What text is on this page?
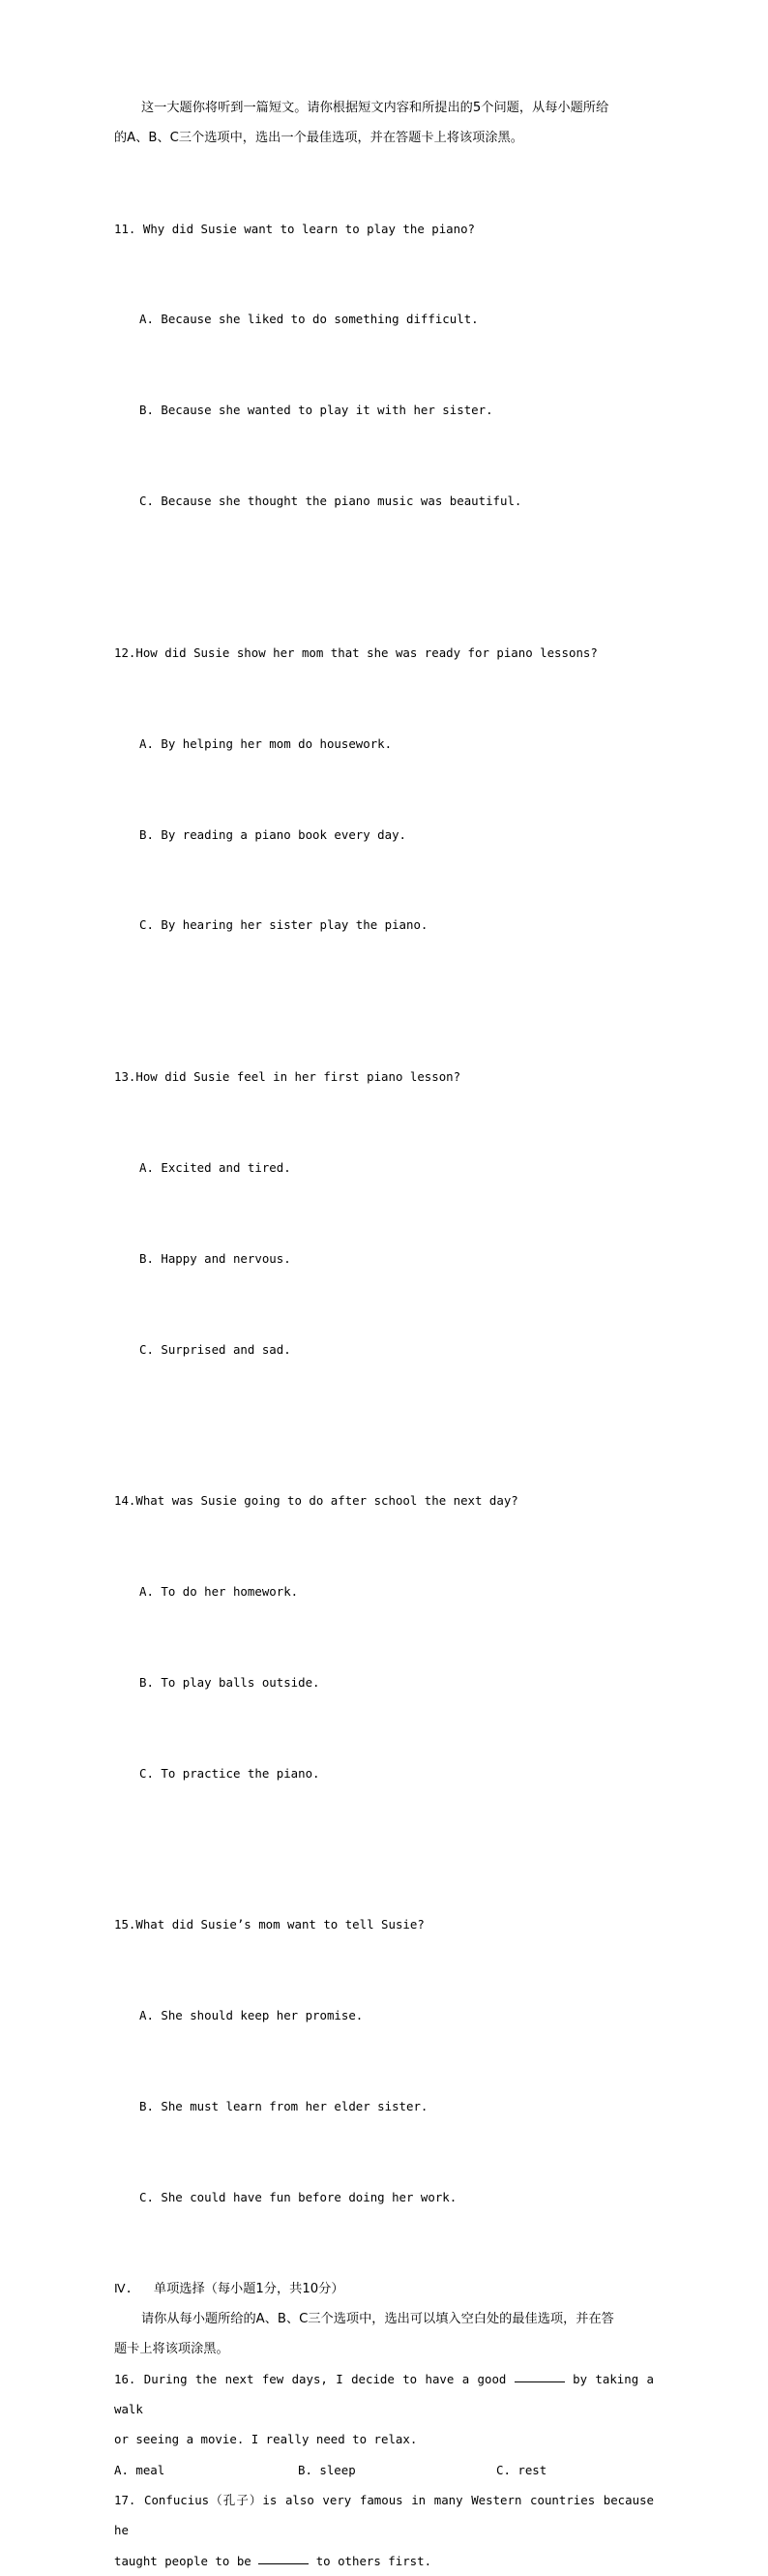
这一大题你将听到一篇短文。请你根据短文内容和所提出的5个问题，从每小题所给
的A、B、C三个选项中，选出一个最佳选项，并在答题卡上将该项涂黑。

11. Why did Susie want to learn to play the piano?

A. Because she liked to do something difficult.

B. Because she wanted to play it with her sister.

C. Because she thought the piano music was beautiful.

12.How did Susie show her mom that she was ready for piano lessons?

A. By helping her mom do housework.

B. By reading a piano book every day.

C. By hearing her sister play the piano.

13.How did Susie feel in her first piano lesson?

A. Excited and tired.

B. Happy and nervous.

C. Surprised and sad.

14.What was Susie going to do after school the next day?

A. To do her homework.

B. To play balls outside.

C. To practice the piano.

15.What did Susie’s mom want to tell Susie?

A. She should keep her promise.

B. She must learn from her elder sister.

C. She could have fun before doing her work.

Ⅳ. 单项选择（每小题1分，共10分）
请你从每小题所给的A、B、C三个选项中，选出可以填入空白处的最佳选项，并在答
题卡上将该项涂黑。

16. During the next few days, I decide to have a good	by taking a walk

or seeing a movie. I really need to relax.

A. meal	B. sleep	C. rest

17. Confucius（孔子）is also very famous in many Western countries because he

taught people to be	to others first.
